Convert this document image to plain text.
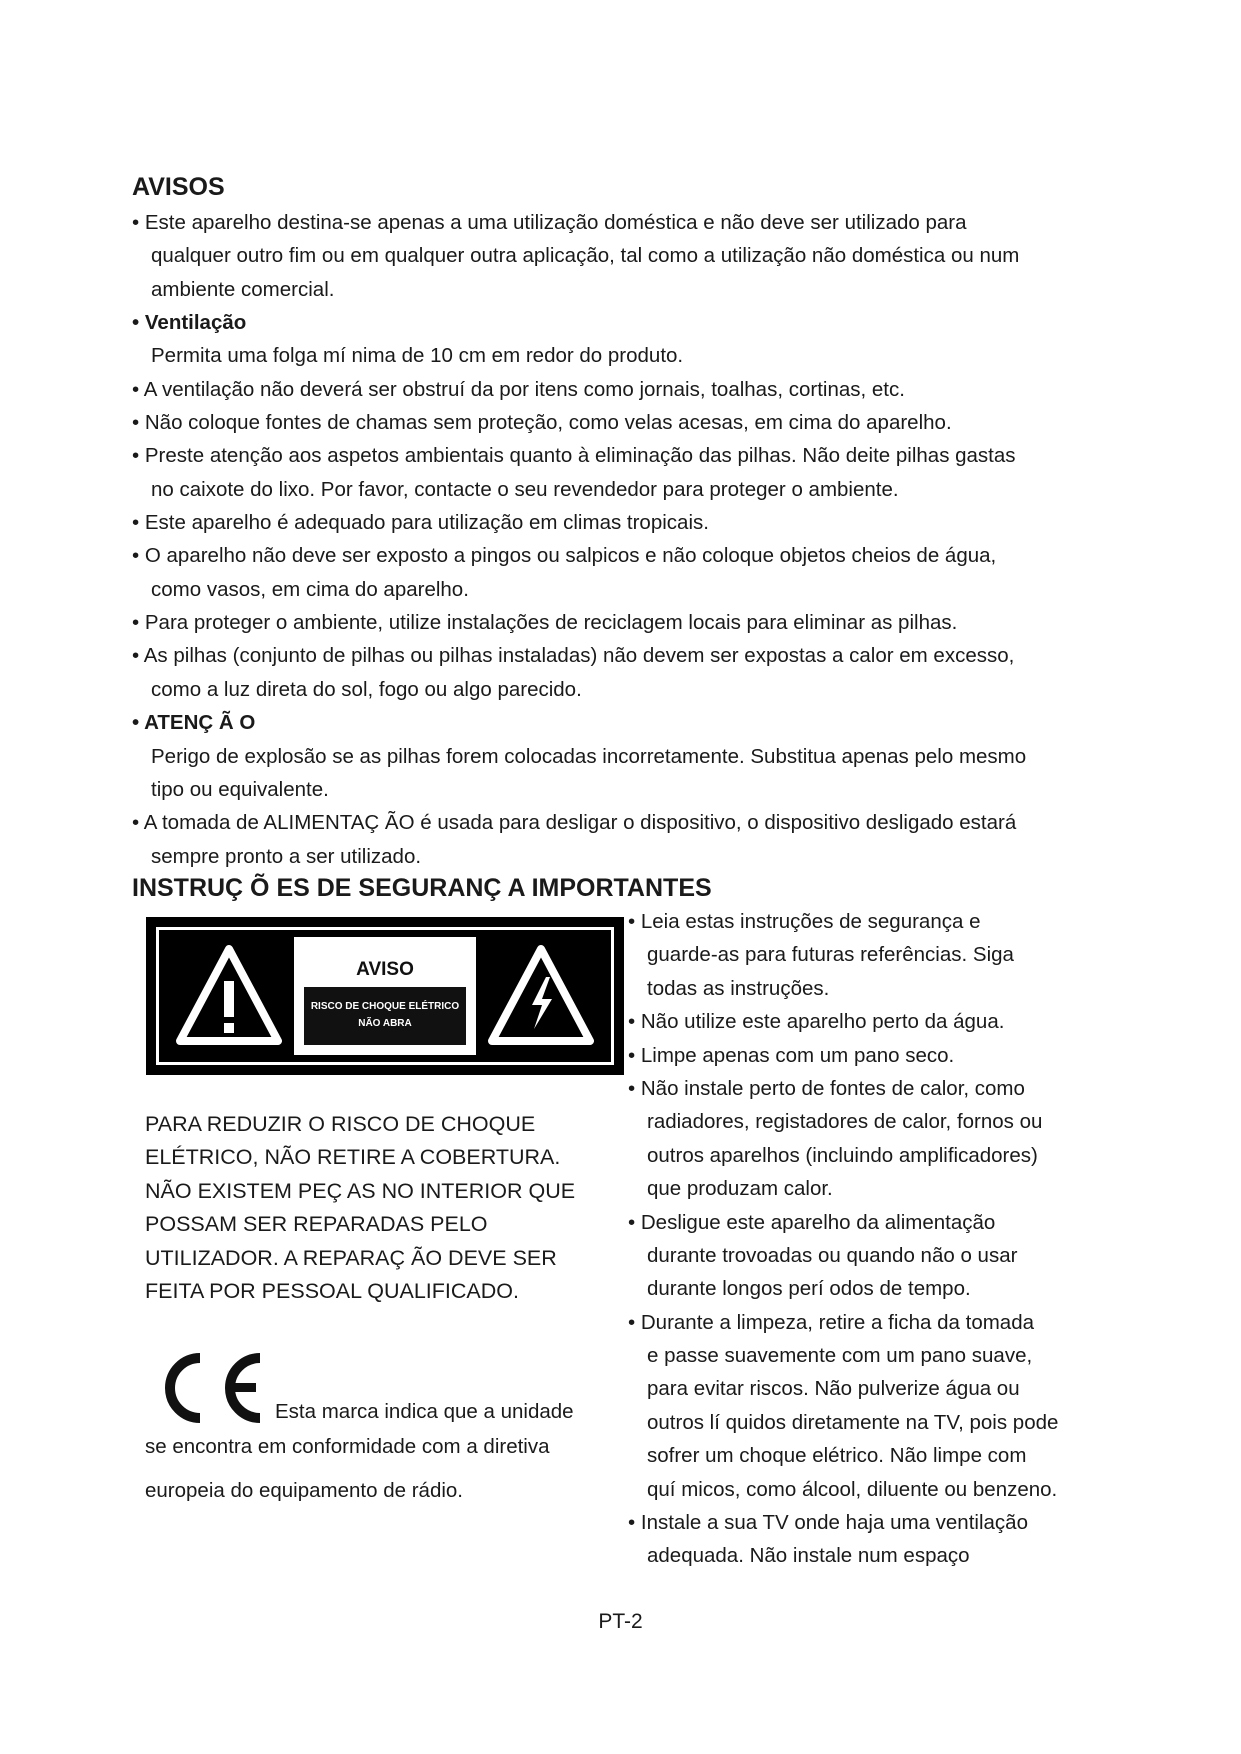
AVISOS
• Este aparelho destina-se apenas a uma utilização doméstica e não deve ser utilizado para
qualquer outro fim ou em qualquer outra aplicação, tal como a utilização não doméstica ou num
ambiente comercial.
• Ventilação
Permita uma folga mí nima de 10 cm em redor do produto.
• A ventilação não deverá ser obstruí da por itens como jornais, toalhas, cortinas, etc.
• Não coloque fontes de chamas sem proteção, como velas acesas, em cima do aparelho.
• Preste atenção aos aspetos ambientais quanto à eliminação das pilhas. Não deite pilhas gastas
no caixote do lixo. Por favor, contacte o seu revendedor para proteger o ambiente.
• Este aparelho é adequado para utilização em climas tropicais.
• O aparelho não deve ser exposto a pingos ou salpicos e não coloque objetos cheios de água,
como vasos, em cima do aparelho.
• Para proteger o ambiente, utilize instalações de reciclagem locais para eliminar as pilhas.
• As pilhas (conjunto de pilhas ou pilhas instaladas) não devem ser expostas a calor em excesso,
como a luz direta do sol, fogo ou algo parecido.
• ATENÇ Ã O
Perigo de explosão se as pilhas forem colocadas incorretamente. Substitua apenas pelo mesmo
tipo ou equivalente.
• A tomada de ALIMENTAÇ ÃO é usada para desligar o dispositivo, o dispositivo desligado estará
sempre pronto a ser utilizado.
INSTRUÇ Õ ES DE SEGURANÇ A IMPORTANTES
AVISO
RISCO DE CHOQUE ELÉTRICO
NÃO ABRA
PARA REDUZIR O RISCO DE CHOQUE
ELÉTRICO, NÃO RETIRE A COBERTURA.
NÃO EXISTEM PEÇ AS NO INTERIOR QUE
POSSAM SER REPARADAS PELO
UTILIZADOR. A REPARAÇ ÃO DEVE SER
FEITA POR PESSOAL QUALIFICADO.
Esta marca indica que a unidade
se encontra em conformidade com a diretiva
europeia do equipamento de rádio.
• Leia estas instruções de segurança e
guarde-as para futuras referências. Siga
todas as instruções.
• Não utilize este aparelho perto da água.
• Limpe apenas com um pano seco.
• Não instale perto de fontes de calor, como
radiadores, registadores de calor, fornos ou
outros aparelhos (incluindo amplificadores)
que produzam calor.
• Desligue este aparelho da alimentação
durante trovoadas ou quando não o usar
durante longos perí odos de tempo.
• Durante a limpeza, retire a ficha da tomada
e passe suavemente com um pano suave,
para evitar riscos. Não pulverize água ou
outros lí quidos diretamente na TV, pois pode
sofrer um choque elétrico. Não limpe com
quí micos, como álcool, diluente ou benzeno.
• Instale a sua TV onde haja uma ventilação
adequada. Não instale num espaço
PT-2
